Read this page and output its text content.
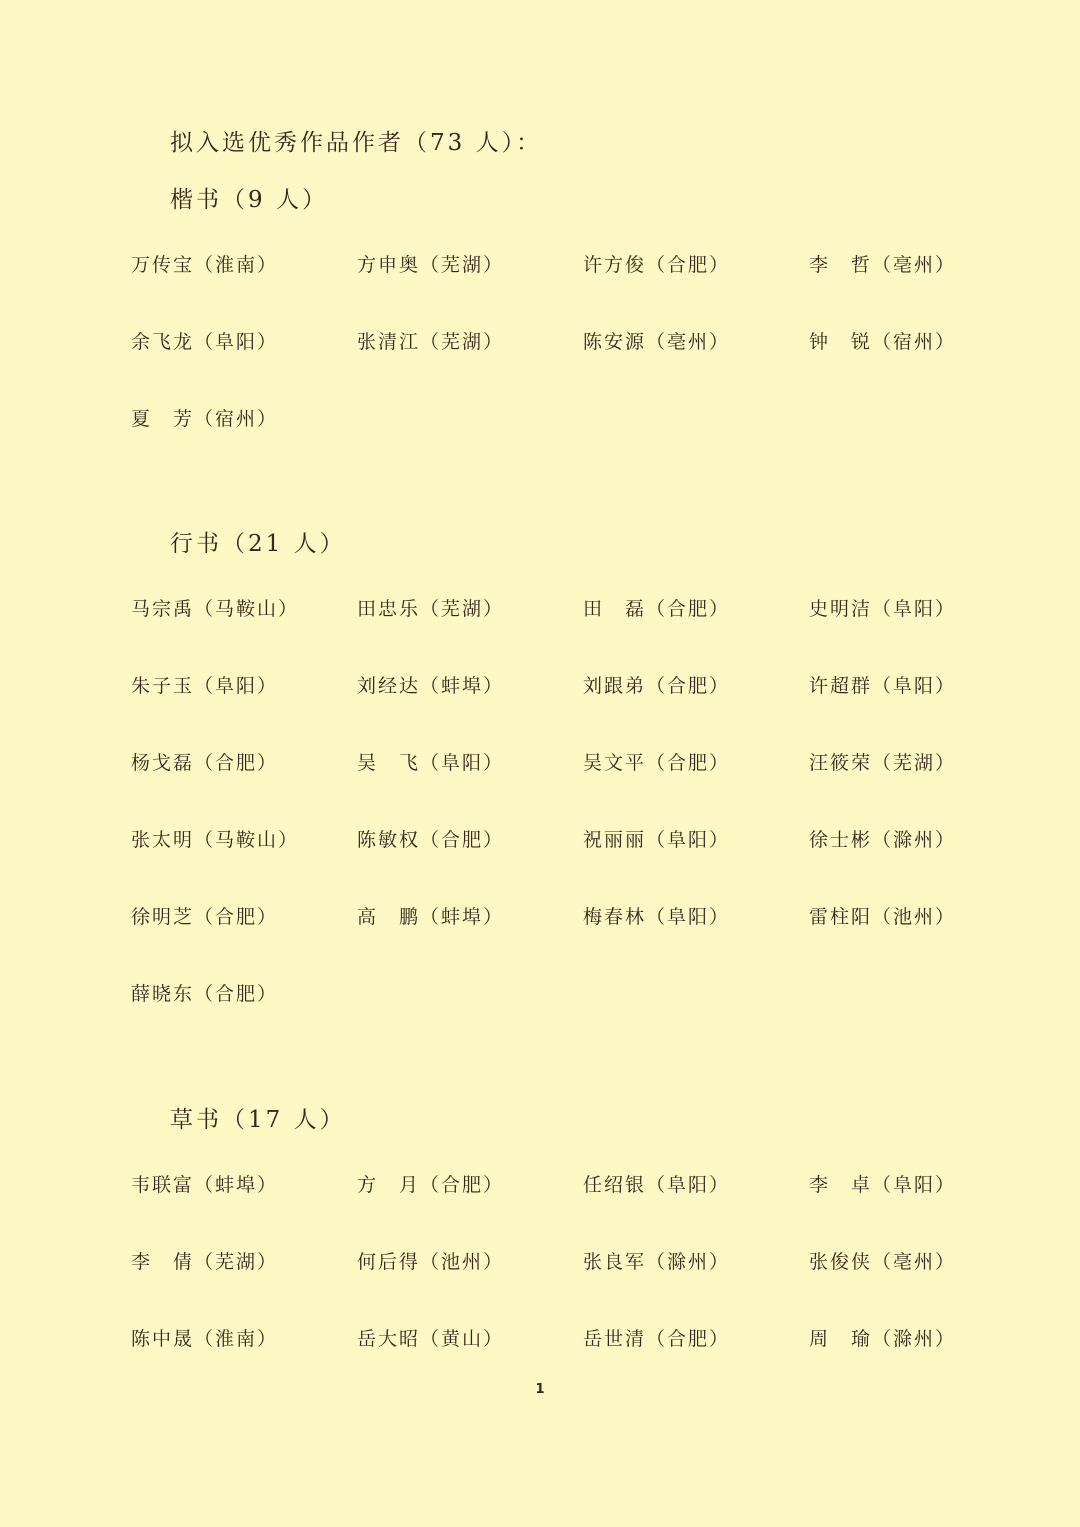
拟入选优秀作品作者（73 人）：
楷书（9 人）
万传宝（淮南）	方申奥（芜湖）	许方俊（合肥）	李　哲（亳州）
余飞龙（阜阳）	张清江（芜湖）	陈安源（亳州）	钟　锐（宿州）
夏　芳（宿州）
行书（21 人）
马宗禹（马鞍山）	田忠乐（芜湖）	田　磊（合肥）	史明洁（阜阳）
朱子玉（阜阳）	刘经达（蚌埠）	刘跟弟（合肥）	许超群（阜阳）
杨戈磊（合肥）	吴　飞（阜阳）	吴文平（合肥）	汪筱荣（芜湖）
张太明（马鞍山）	陈敏权（合肥）	祝丽丽（阜阳）	徐士彬（滁州）
徐明芝（合肥）	高　鹏（蚌埠）	梅春林（阜阳）	雷柱阳（池州）
薛晓东（合肥）
草书（17 人）
韦联富（蚌埠）	方　月（合肥）	任绍银（阜阳）	李　卓（阜阳）
李　倩（芜湖）	何后得（池州）	张良军（滁州）	张俊侠（亳州）
陈中晟（淮南）	岳大昭（黄山）	岳世清（合肥）	周　瑜（滁州）
1
